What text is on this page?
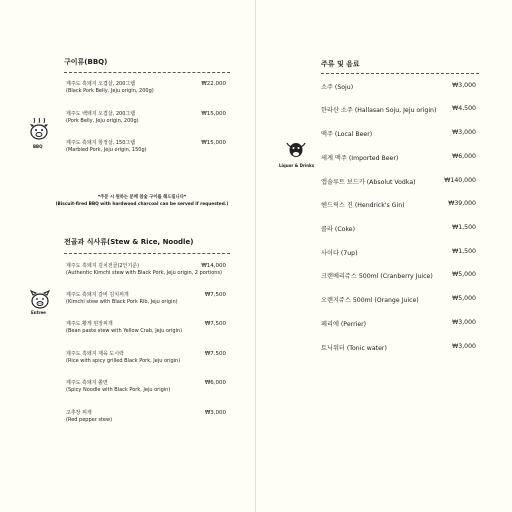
구이류(BBQ)
BBQ
제주도 흑돼지 오겹살, 200그램
(Black Pork Belly, Jeju origin, 200g)
₩22,000
제주도 백돼지 오겹살, 200그램
(Pork Belly, Jeju origin, 200g)
₩15,000
제주도 흑돼지 항정살, 150그램
(Marbled Pork, Jeju origin, 150g)
₩15,000
*주문 시 원하는 분께 참숯 구이를 해드립니다*
(Biscuit-fired BBQ with hardwood charcoal can be served if requested.)
전골과 식사류(Stew & Rice, Noodle)
Entree
제주도 흑돼지 김치전골(2인기준)
(Authentic Kimchi stew with Black Pork, Jeju origin, 2 portions)
₩14,000
제주도 흑돼지 갈비 김치찌개
(Kimchi stew with Black Pork Rib, Jeju origin)
₩7,500
제주도 황게 된장찌개
(Bean paste stew with Yellow Crab, Jeju origin)
₩7,500
제주도 흑돼지 제육 도시락
(Rice with spicy grilled Black Pork, Jeju origin)
₩7,500
제주도 흑돼지 쫄면
(Spicy Noodle with Black Pork, Jeju origin)
₩6,000
고추장 찌개
(Red pepper stew)
₩3,000
주류 및 음료
Liquor & Drinks
소주 (Soju)	₩3,000
한라산 소주 (Hallasan Soju, Jeju origin)	₩4,500
맥주 (Local Beer)	₩3,000
세계 맥주 (Imported Beer)	₩6,000
앱솔루트 보드카 (Absolut Vodka)	₩140,000
헨드릭스 진 (Hendrick's Gin)	₩39,000
콜라 (Coke)	₩1,500
사이다 (7up)	₩1,500
크랜베리쥬스 500ml (Cranberry Juice)	₩5,000
오렌지쥬스 500ml (Orange Juice)	₩5,000
페리에 (Perrier)	₩3,000
토닉워터 (Tonic water)	₩3,000
